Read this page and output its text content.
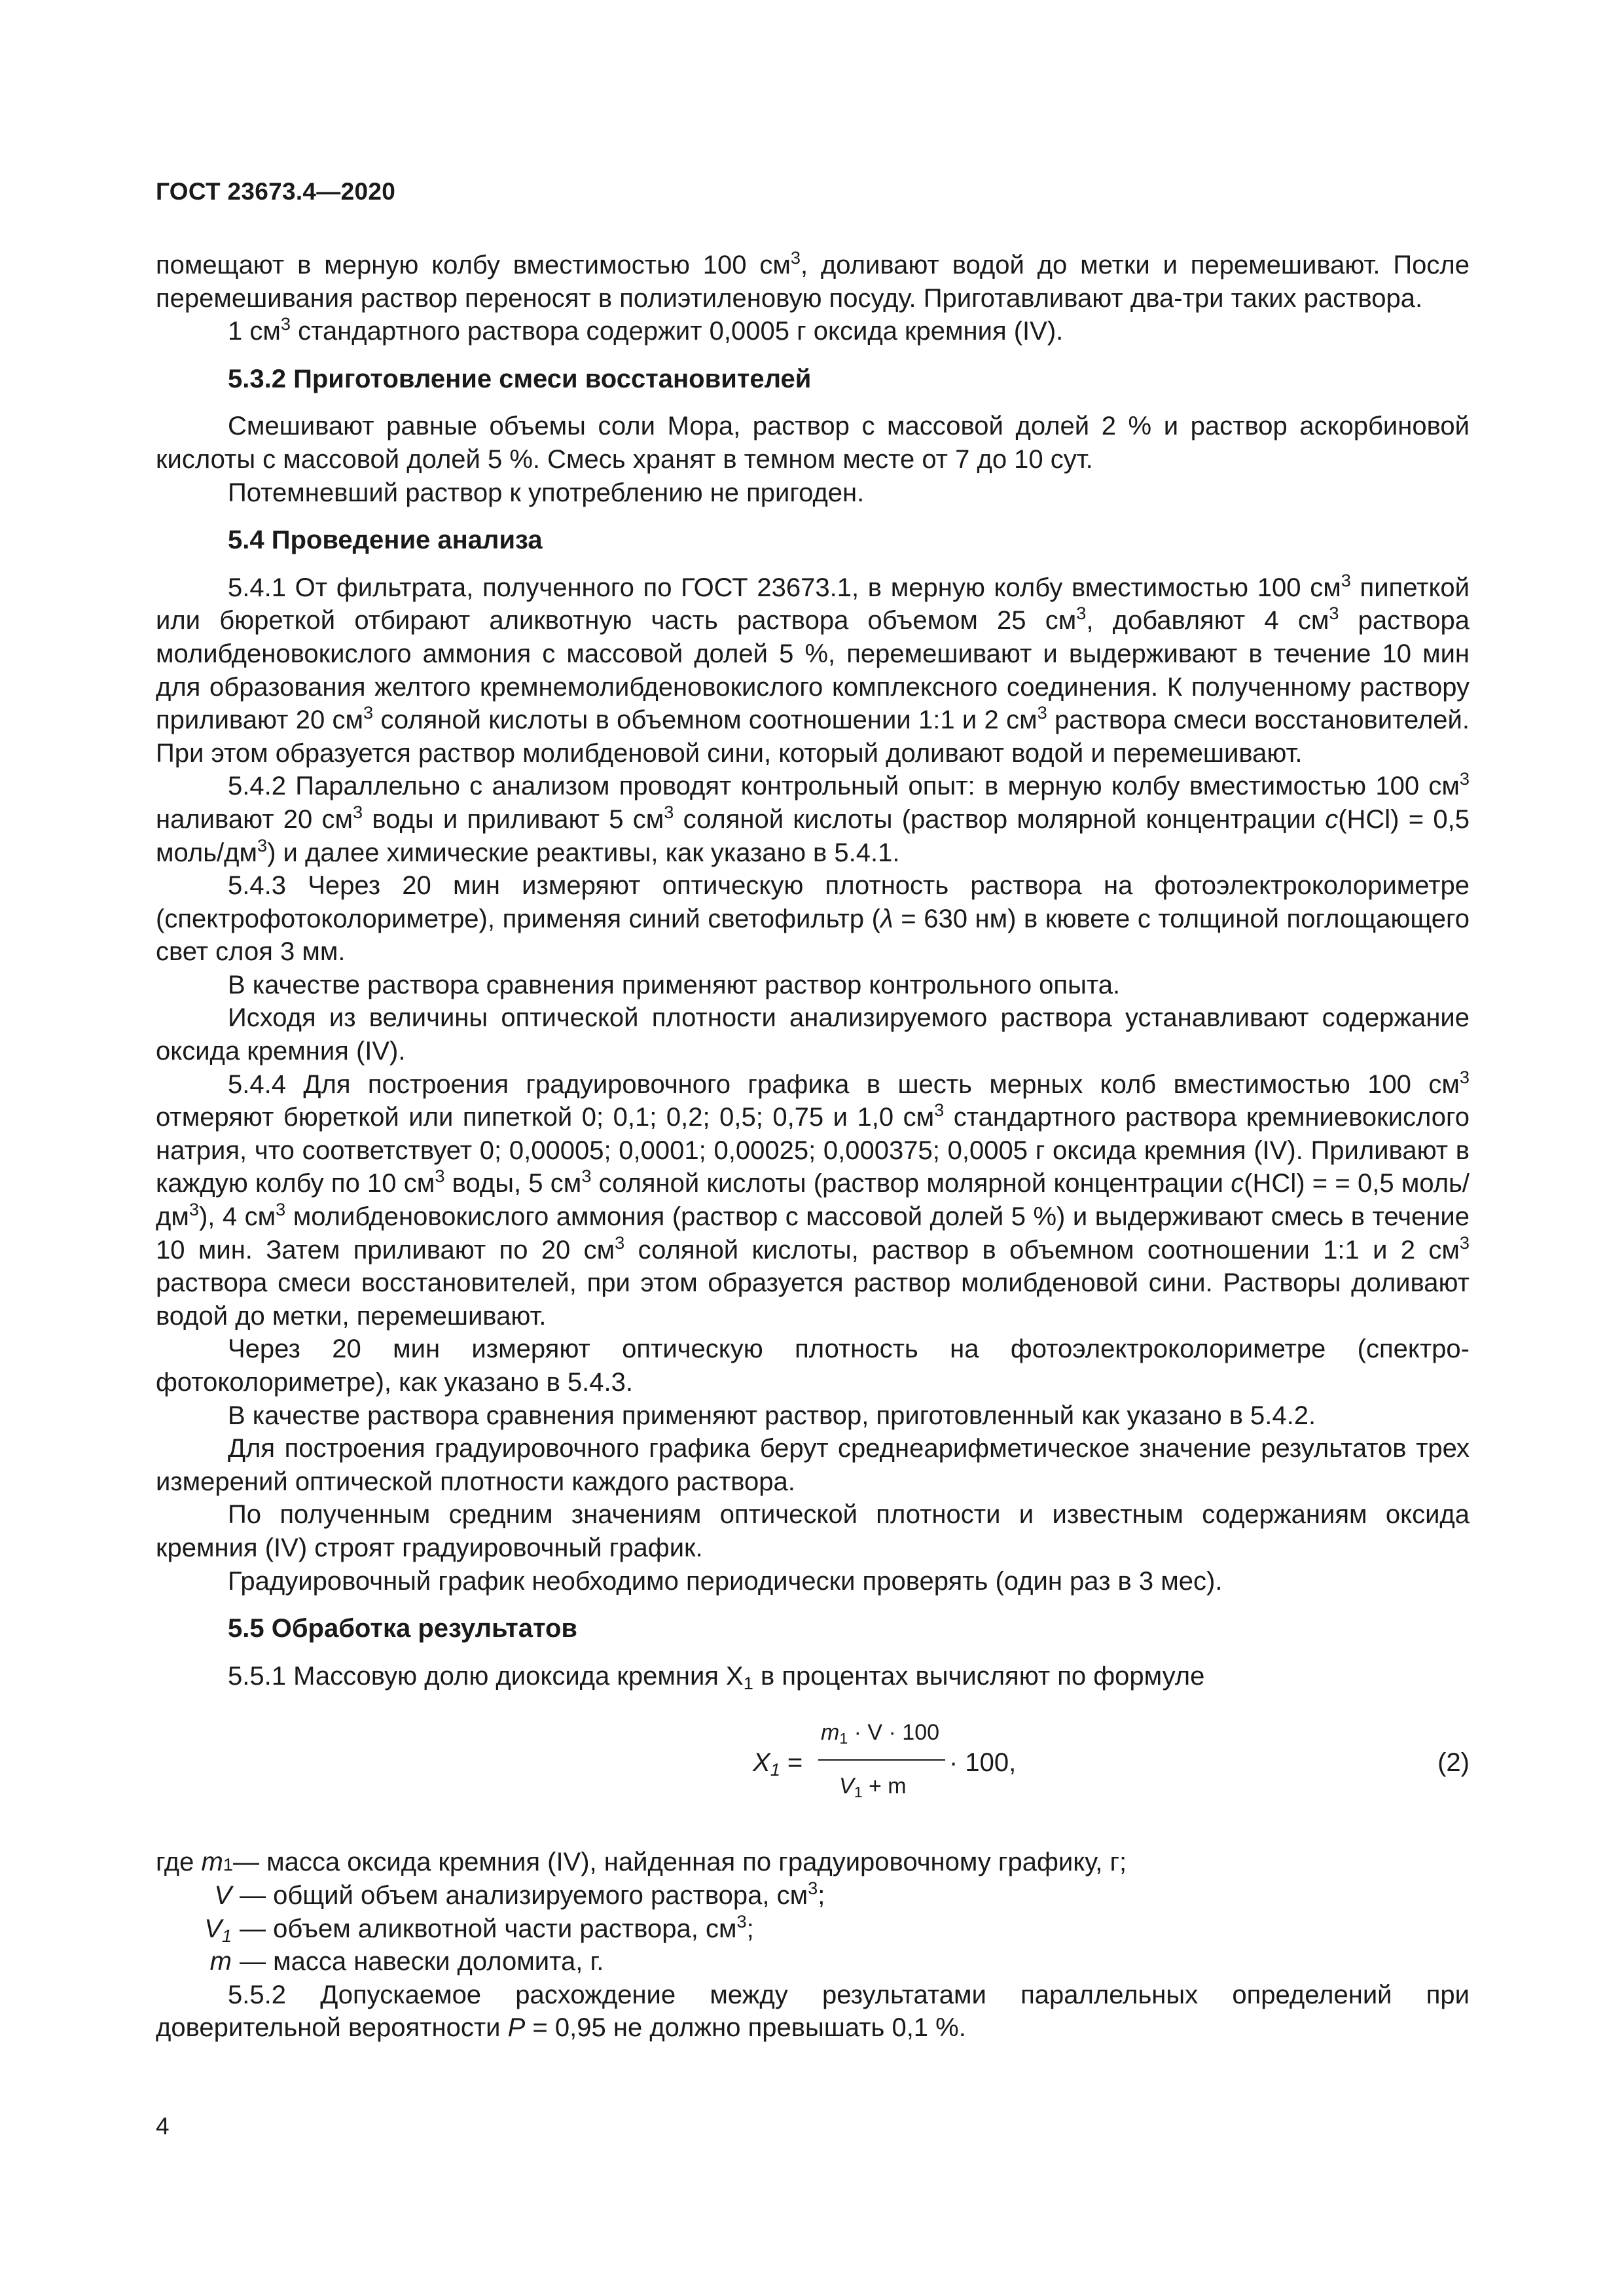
ГОСТ 23673.4—2020

помещают в мерную колбу вместимостью 100 $см^3$, доливают водой до метки и перемешивают. После перемешивания раствор переносят в полиэтиленовую посуду. Приготавливают два-три таких раствора.

1 $см^3$ стандартного раствора содержит 0,0005 г оксида кремния (IV).

5.3.2 Приготовление смеси восстановителей

Смешивают равные объемы соли Мора, раствор с массовой долей 2 % и раствор аскорбиновой кислоты с массовой долей 5 %. Смесь хранят в темном месте от 7 до 10 сут.

Потемневший раствор к употреблению не пригоден.

5.4 Проведение анализа

5.4.1 От фильтрата, полученного по ГОСТ 23673.1, в мерную колбу вместимостью 100 $см^3$ пипеткой или бюреткой отбирают аликвотную часть раствора объемом 25 $см^3$, добавляют 4 $см^3$ раствора молибденовокислого аммония с массовой долей 5 %, перемешивают и выдерживают в течение 10 мин для образования желтого кремнемолибденовокислого комплексного соединения. К полученному раствору приливают 20 $см^3$ соляной кислоты в объемном соотношении 1:1 и 2 $см^3$ раствора смеси восстановителей. При этом образуется раствор молибденовой сини, который доливают водой и перемешивают.

5.4.2 Параллельно с анализом проводят контрольный опыт: в мерную колбу вместимостью 100 $см^3$ наливают 20 $см^3$ воды и приливают 5 $см^3$ соляной кислоты (раствор молярной концентрации c(HCl) = 0,5 моль/$дм^3$) и далее химические реактивы, как указано в 5.4.1.

5.4.3 Через 20 мин измеряют оптическую плотность раствора на фотоэлектроколориметре (спектрофотоколориметре), применяя синий светофильтр (λ = 630 нм) в кювете с толщиной поглощающего свет слоя 3 мм.

В качестве раствора сравнения применяют раствор контрольного опыта.

Исходя из величины оптической плотности анализируемого раствора устанавливают содержание оксида кремния (IV).

5.4.4 Для построения градуировочного графика в шесть мерных колб вместимостью 100 $см^3$ отмеряют бюреткой или пипеткой 0; 0,1; 0,2; 0,5; 0,75 и 1,0 $см^3$ стандартного раствора кремниевокислого натрия, что соответствует 0; 0,00005; 0,0001; 0,00025; 0,000375; 0,0005 г оксида кремния (IV). Приливают в каждую колбу по 10 $см^3$ воды, 5 $см^3$ соляной кислоты (раствор молярной концентрации c(HCl) = = 0,5 моль/$дм^3$), 4 $см^3$ молибденовокислого аммония (раствор с массовой долей 5 %) и выдерживают смесь в течение 10 мин. Затем приливают по 20 $см^3$ соляной кислоты, раствор в объемном соотношении 1:1 и 2 $см^3$ раствора смеси восстановителей, при этом образуется раствор молибденовой сини. Растворы доливают водой до метки, перемешивают.

Через 20 мин измеряют оптическую плотность на фотоэлектроколориметре (спектро-фотоколориметре), как указано в 5.4.3.

В качестве раствора сравнения применяют раствор, приготовленный как указано в 5.4.2.

Для построения градуировочного графика берут среднеарифметическое значение результатов трех измерений оптической плотности каждого раствора.

По полученным средним значениям оптической плотности и известным содержаниям оксида кремния (IV) строят градуировочный график.

Градуировочный график необходимо периодически проверять (один раз в 3 мес).

5.5 Обработка результатов

5.5.1 Массовую долю диоксида кремния $X_1$ в процентах вычисляют по формуле

$X_1$ =
$m_1 \cdot V \cdot 100$
$V_1 + m$
· 100,	(2)
где
m 1 — масса оксида кремния (IV), найденная по градуировочному графику, г;
V — общий объем анализируемого раствора, $см^3$;
$V_1$ — объем аликвотной части раствора, $см^3$;
m — масса навески доломита, г.

5.5.2 Допускаемое расхождение между результатами параллельных определений при доверительной вероятности P = 0,95 не должно превышать 0,1 %.

4
